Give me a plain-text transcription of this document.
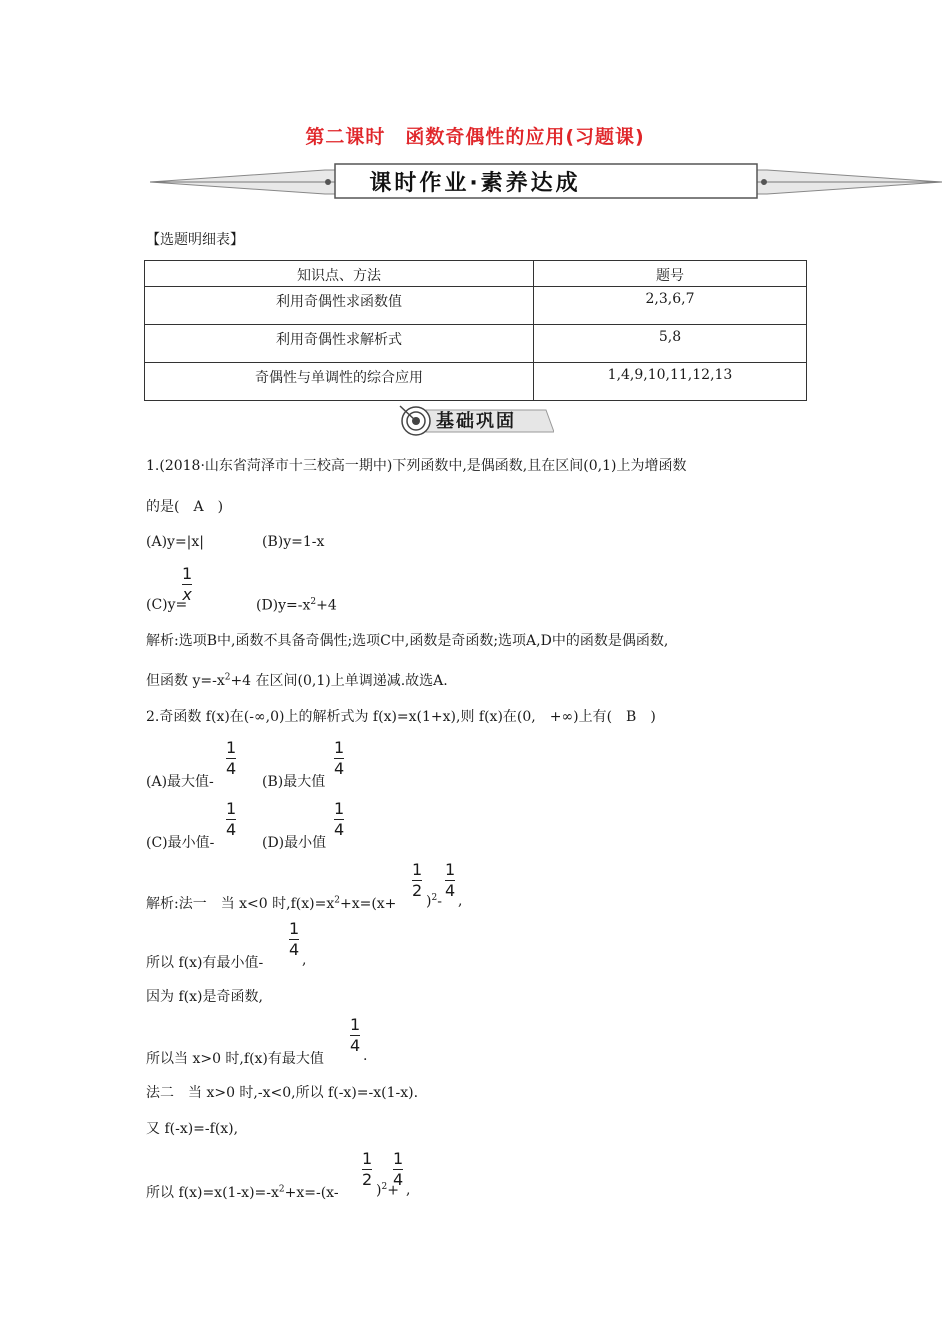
第二课时　函数奇偶性的应用(习题课)
课时作业·素养达成
【选题明细表】
知识点、方法	题号
利用奇偶性求函数值	2,3,6,7
利用奇偶性求解析式	5,8
奇偶性与单调性的综合应用	1,4,9,10,11,12,13
基础巩固
1.(2018·山东省菏泽市十三校高一期中)下列函数中,是偶函数,且在区间(0,1)上为增函数
的是(　A　)
(A)y=|x|	(B)y=1-x
(C)y=
1
x
$(D)y=-x^2+4$
解析:选项B中,函数不具备奇偶性;选项C中,函数是奇函数;选项A,D中的函数是偶函数,
但函数 $y=-x^2+4$ 在区间(0,1)上单调递减.故选A.
2.奇函数 f(x)在(-∞,0)上的解析式为 f(x)=x(1+x),则 f(x)在(0,　+∞)上有(　B　)
(A)最大值-
1
4
(B)最大值
1
4
(C)最小值-
1
4
(D)最小值
1
4
解析:法一　当 x<0 时$,f(x)=x^2+x=(x+$
1
2
)$^2$-
1
4
,
所以 f(x)有最小值-
1
4
,
因为 f(x)是奇函数,
所以当 x>0 时,f(x)有最大值
1
4
.
法二　当 x>0 时,-x<0,所以 f(-x)=-x(1-x).
又 f(-x)=-f(x),
所以 $f(x)=x(1-x)=-x^2+x=-(x-$
1
2
)$^2$+
1
4
,
